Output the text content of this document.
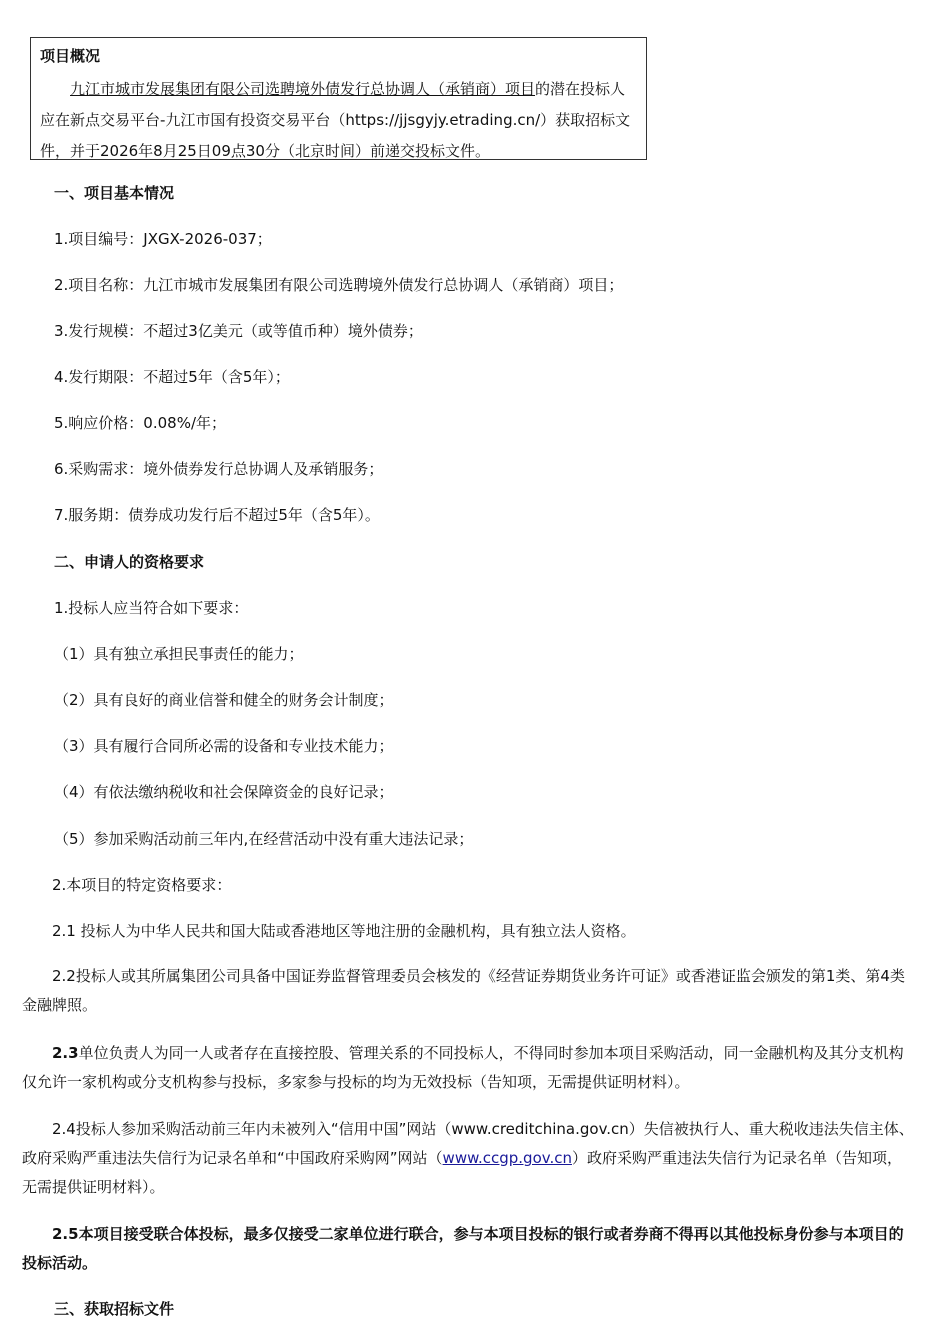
项目概况
九江市城市发展集团有限公司选聘境外债发行总协调人（承销商）项目的潜在投标人应在新点交易平台-九江市国有投资交易平台（https://jjsgyjy.etrading.cn/）获取招标文件，并于2026年8月25日09点30分（北京时间）前递交投标文件。
一、项目基本情况
1.项目编号：JXGX-2026-037；
2.项目名称：九江市城市发展集团有限公司选聘境外债发行总协调人（承销商）项目；
3.发行规模：不超过3亿美元（或等值币种）境外债券；
4.发行期限：不超过5年（含5年）；
5.响应价格：0.08%/年；
6.采购需求：境外债券发行总协调人及承销服务；
7.服务期：债券成功发行后不超过5年（含5年）。
二、申请人的资格要求
1.投标人应当符合如下要求：
（1）具有独立承担民事责任的能力；
（2）具有良好的商业信誉和健全的财务会计制度；
（3）具有履行合同所必需的设备和专业技术能力；
（4）有依法缴纳税收和社会保障资金的良好记录；
（5）参加采购活动前三年内,在经营活动中没有重大违法记录；
2.本项目的特定资格要求：
2.1 投标人为中华人民共和国大陆或香港地区等地注册的金融机构，具有独立法人资格。
2.2投标人或其所属集团公司具备中国证券监督管理委员会核发的《经营证券期货业务许可证》或香港证监会颁发的第1类、第4类金融牌照。
2.3单位负责人为同一人或者存在直接控股、管理关系的不同投标人，不得同时参加本项目采购活动，同一金融机构及其分支机构仅允许一家机构或分支机构参与投标，多家参与投标的均为无效投标（告知项，无需提供证明材料）。
2.4投标人参加采购活动前三年内未被列入“信用中国”网站（www.creditchina.gov.cn）失信被执行人、重大税收违法失信主体、政府采购严重违法失信行为记录名单和“中国政府采购网”网站（www.ccgp.gov.cn）政府采购严重违法失信行为记录名单（告知项，无需提供证明材料）。
2.5本项目接受联合体投标，最多仅接受二家单位进行联合，参与本项目投标的银行或者券商不得再以其他投标身份参与本项目的投标活动。
三、获取招标文件
